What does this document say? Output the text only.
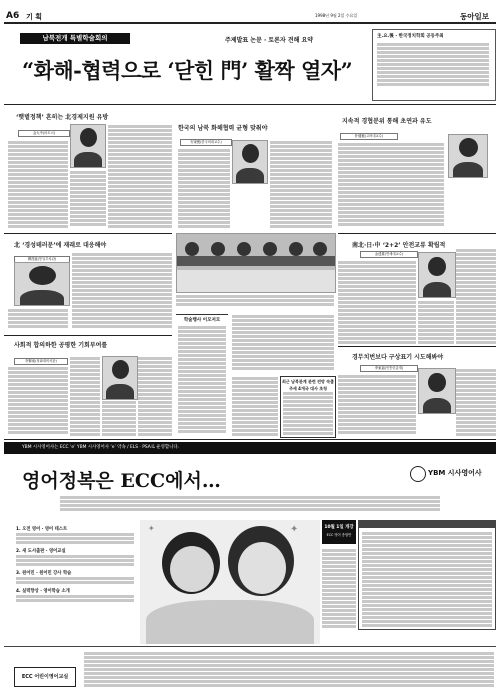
A6 기 획	1998년 9월 2일 수요일	동아일보
남북전개 특별학술회의	주제발표 논문 · 토론자 견해 요약
“화해‑협력으로 ‘닫힌 門’ 활짝 열자”
主.요.後 · 한국정치학회 공동주최
‘햇볕정책’ 흔히는 北경제지원 유방
한국의 남북 화해협력 균형 맞춰야
지속적 경협분위 통해 초연과 유도
金大中(파트너)
安秉俊(한국외대교수)
朴健稙(고려대교수)
北 ‘경성테러문’에 재래로 대응해야
柳昌鉉(통일부차관)
학술행사 이모저모
최근 남북관계 관련 전망 속출
주세 4개국 대사 초청
南北·日·中 ‘2+2’ 안전교류 확립적
金達重(연세대교수)
사회적 합의하한 공평한 기회부여를
朴賢東(청와대비서관)	경무치번보다 구상표기 시도해봐야
李東福(민통련총재)
YBM 시사영어사는 ECC ‘e’ YBM 시사영어사 ‘e’ 약속 / ELS · PSA로 운영합니다.
영어정복은 ECC에서…	YBM 시사영어사
1. 오전 영어 · 영어 테스트
2. 새 도서출판 · 영어교실
3. 원어민 · 원어민 강사 학습
4. 실력향상 · 영어학습 소개
✦
✦	10월 1일 개강
ECC 영어 종합반
ECC 어린이영어교실
